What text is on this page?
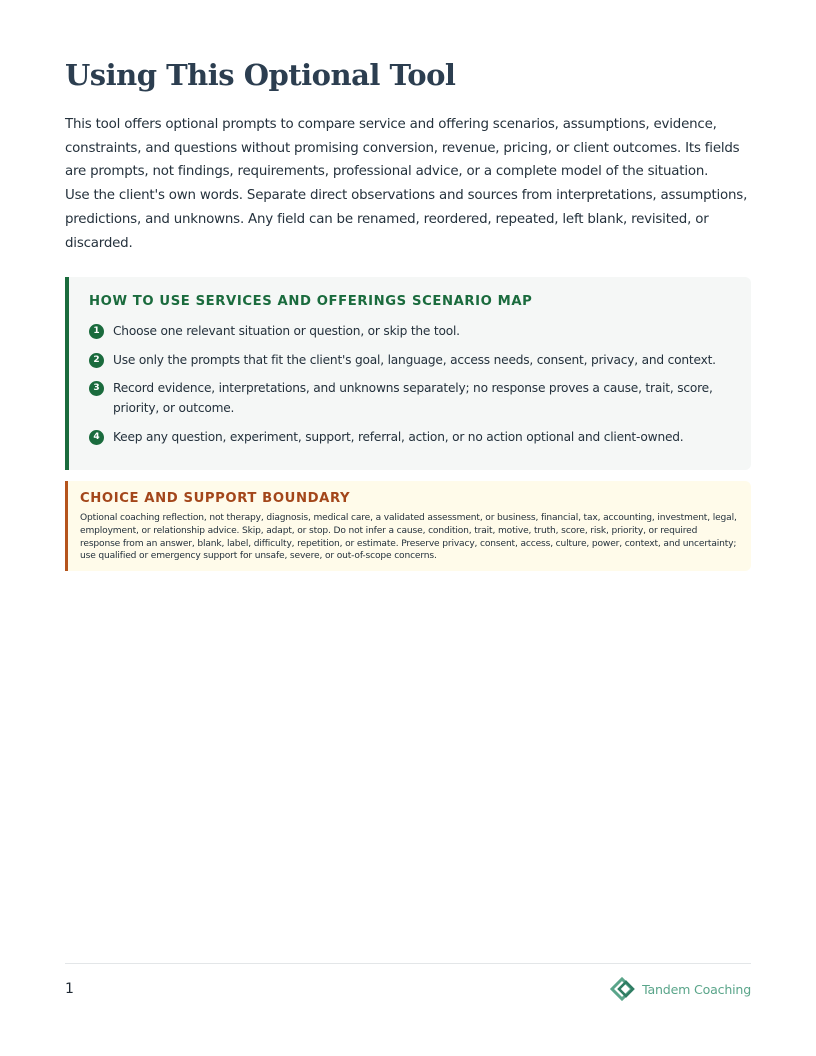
Using This Optional Tool

This tool offers optional prompts to compare service and offering scenarios, assumptions, evidence, constraints, and questions without promising conversion, revenue, pricing, or client outcomes. Its fields are prompts, not findings, requirements, professional advice, or a complete model of the situation.

Use the client's own words. Separate direct observations and sources from interpretations, assumptions, predictions, and unknowns. Any field can be renamed, reordered, repeated, left blank, revisited, or discarded.

HOW TO USE SERVICES AND OFFERINGS SCENARIO MAP
1	Choose one relevant situation or question, or skip the tool.
2	Use only the prompts that fit the client's goal, language, access needs, consent, privacy, and context.
3	Record evidence, interpretations, and unknowns separately; no response proves a cause, trait, score, priority, or outcome.
4	Keep any question, experiment, support, referral, action, or no action optional and client-owned.
CHOICE AND SUPPORT BOUNDARY

Optional coaching reflection, not therapy, diagnosis, medical care, a validated assessment, or business, financial, tax, accounting, investment, legal, employment, or relationship advice. Skip, adapt, or stop. Do not infer a cause, condition, trait, motive, truth, score, risk, priority, or required response from an answer, blank, label, difficulty, repetition, or estimate. Preserve privacy, consent, access, culture, power, context, and uncertainty; use qualified or emergency support for unsafe, severe, or out-of-scope concerns.

1	Tandem Coaching
